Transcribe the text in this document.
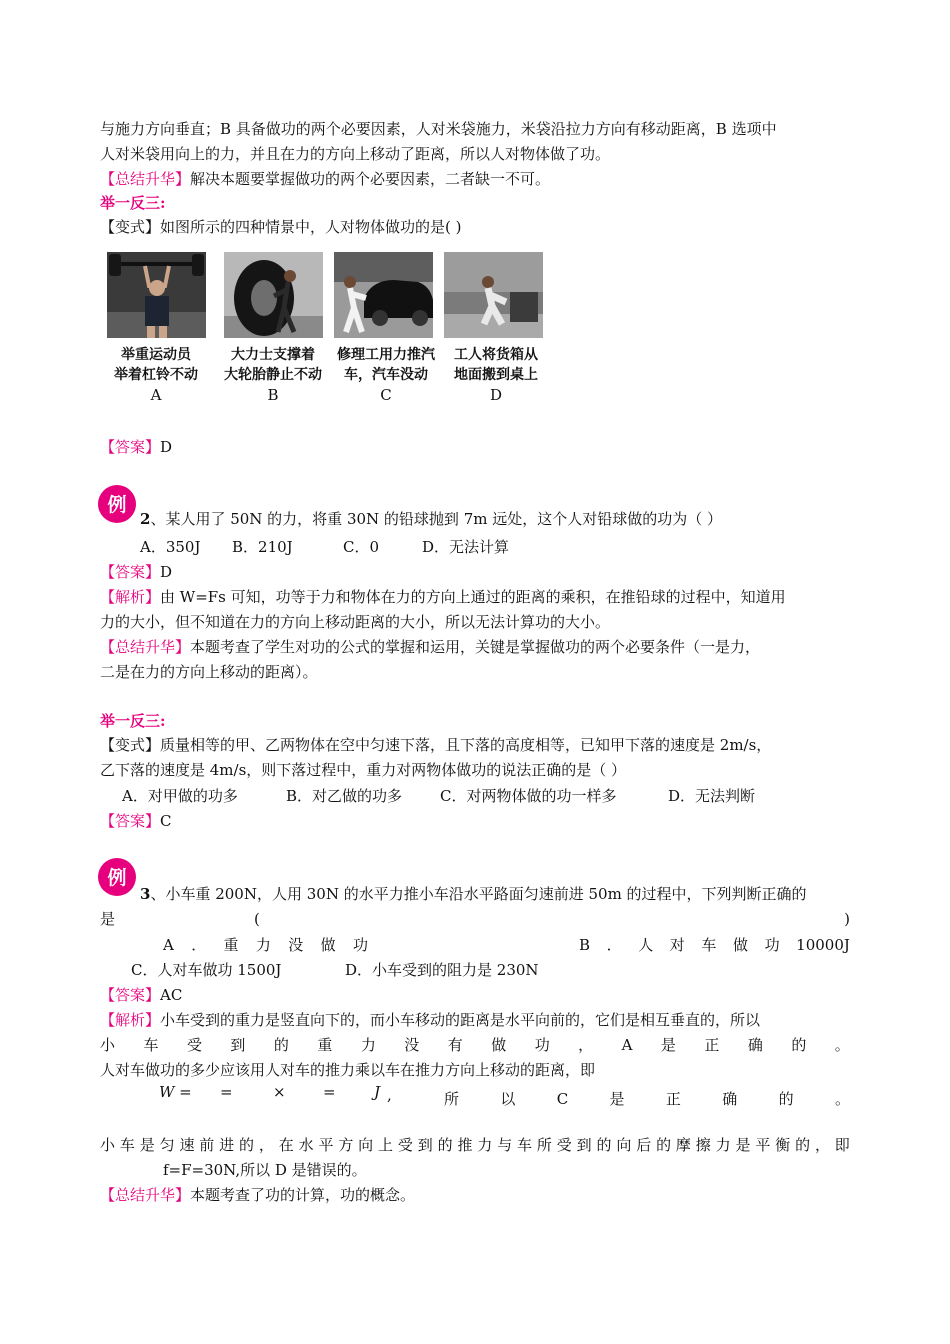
与施力方向垂直；B 具备做功的两个必要因素，人对米袋施力，米袋沿拉力方向有移动距离，B 选项中
人对米袋用向上的力，并且在力的方向上移动了距离，所以人对物体做了功。
【总结升华】解决本题要掌握做功的两个必要因素，二者缺一不可。
举一反三:
【变式】如图所示的四种情景中，人对物体做功的是( )
举重运动员
举着杠铃不动
A
大力士支撑着
大轮胎静止不动
B
修理工用力推汽
车，汽车没动
C
工人将货箱从
地面搬到桌上
D
【答案】D
例
2、某人用了 50N 的力，将重 30N 的铅球抛到 7m 远处，这个人对铅球做的功为（ ）
A．350J B．210J	C．0	D．无法计算
【答案】D
【解析】由 W=Fs 可知，功等于力和物体在力的方向上通过的距离的乘积，在推铅球的过程中，知道用
力的大小，但不知道在力的方向上移动距离的大小，所以无法计算功的大小。
【总结升华】本题考查了学生对功的公式的掌握和运用，关键是掌握做功的两个必要条件（一是力，
二是在力的方向上移动的距离）。
举一反三:
【变式】质量相等的甲、乙两物体在空中匀速下落，且下落的高度相等，已知甲下落的速度是 2m/s，
乙下落的速度是 4m/s，则下落过程中，重力对两物体做功的说法正确的是（ ）
A．对甲做的功多	B．对乙做的功多	C．对两物体做的功一样多	D．无法判断
【答案】C
例
3、小车重 200N，人用 30N 的水平力推小车沿水平路面匀速前进 50m 的过程中，下列判断正确的
是	(	)
A ． 重 力 没 做 功	B ． 人 对 车 做 功 10000J
C．人对车做功 1500J	D．小车受到的阻力是 230N
【答案】AC
【解析】小车受到的重力是竖直向下的，而小车移动的距离是水平向前的，它们是相互垂直的，所以
小 车 受 到 的 重 力 没 有 做 功 ， A 是 正 确 的 。
人对车做功的多少应该用人对车的推力乘以车在推力方向上移动的距离，即
W = =	× =	J ,	所	以	C	是	正	确	的	。
小 车 是 匀 速 前 进 的 ， 在 水 平 方 向 上 受 到 的 推 力 与 车 所 受 到 的 向 后 的 摩 擦 力 是 平 衡 的 ， 即
f=F=30N,所以 D 是错误的。
【总结升华】本题考查了功的计算，功的概念。
